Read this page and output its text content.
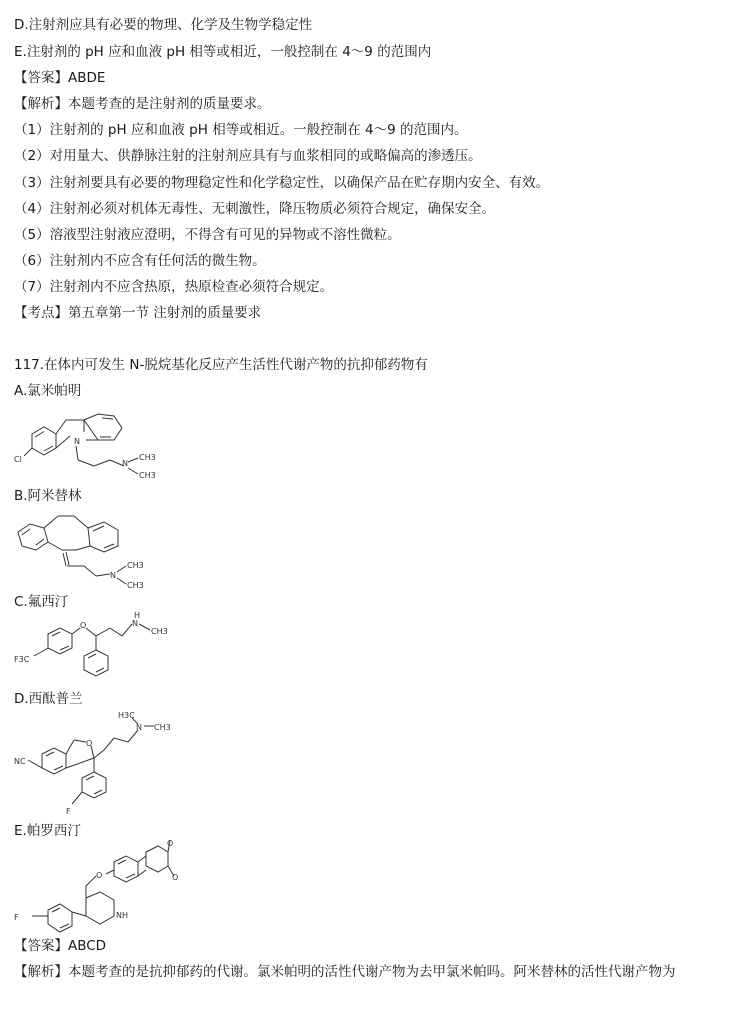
D.注射剂应具有必要的物理、化学及生物学稳定性
E.注射剂的 pH 应和血液 pH 相等或相近，一般控制在 4～9 的范围内
【答案】ABDE
【解析】本题考查的是注射剂的质量要求。
（1）注射剂的 pH 应和血液 pH 相等或相近。一般控制在 4～9 的范围内。
（2）对用量大、供静脉注射的注射剂应具有与血浆相同的或略偏高的渗透压。
（3）注射剂要具有必要的物理稳定性和化学稳定性，以确保产品在贮存期内安全、有效。
（4）注射剂必须对机体无毒性、无刺激性，降压物质必须符合规定，确保安全。
（5）溶液型注射液应澄明，不得含有可见的异物或不溶性微粒。
（6）注射剂内不应含有任何活的微生物。
（7）注射剂内不应含热原，热原检查必须符合规定。
【考点】第五章第一节 注射剂的质量要求
117.在体内可发生 N-脱烷基化反应产生活性代谢产物的抗抑郁药物有
A.氯米帕明
N
N
CH3
CH3
Cl
B.阿米替林
N
CH3
CH3
C.氟西汀
F3C
O
H
N
CH3
D.西酞普兰
H3C
N CH3
O
NC
F
E.帕罗西汀
O
O
O
NH
F
【答案】ABCD
【解析】本题考查的是抗抑郁药的代谢。氯米帕明的活性代谢产物为去甲氯米帕吗。阿米替林的活性代谢产物为
